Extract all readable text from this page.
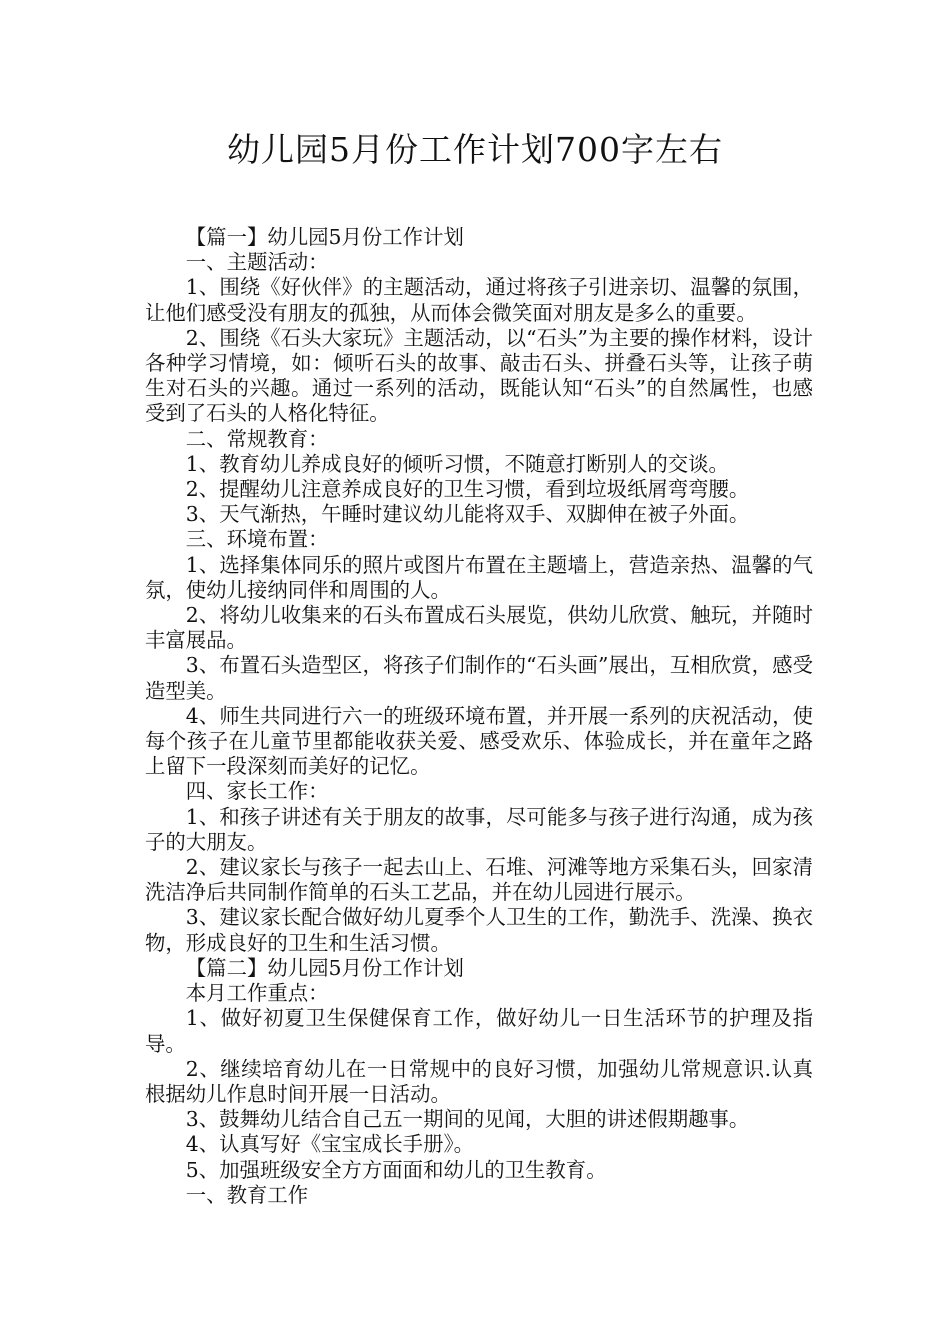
幼儿园5月份工作计划700字左右

【篇一】幼儿园5月份工作计划

一、主题活动：

1、围绕《好伙伴》的主题活动，通过将孩子引进亲切、温馨的氛围，让他们感受没有朋友的孤独，从而体会微笑面对朋友是多么的重要。

2、围绕《石头大家玩》主题活动，以“石头”为主要的操作材料，设计各种学习情境，如：倾听石头的故事、敲击石头、拼叠石头等，让孩子萌生对石头的兴趣。通过一系列的活动，既能认知“石头”的自然属性，也感受到了石头的人格化特征。

二、常规教育：

1、教育幼儿养成良好的倾听习惯，不随意打断别人的交谈。

2、提醒幼儿注意养成良好的卫生习惯，看到垃圾纸屑弯弯腰。

3、天气渐热，午睡时建议幼儿能将双手、双脚伸在被子外面。

三、环境布置：

1、选择集体同乐的照片或图片布置在主题墙上，营造亲热、温馨的气氛，使幼儿接纳同伴和周围的人。

2、将幼儿收集来的石头布置成石头展览，供幼儿欣赏、触玩，并随时丰富展品。

3、布置石头造型区，将孩子们制作的“石头画”展出，互相欣赏，感受造型美。

4、师生共同进行六一的班级环境布置，并开展一系列的庆祝活动，使每个孩子在儿童节里都能收获关爱、感受欢乐、体验成长，并在童年之路上留下一段深刻而美好的记忆。

四、家长工作：

1、和孩子讲述有关于朋友的故事，尽可能多与孩子进行沟通，成为孩子的大朋友。

2、建议家长与孩子一起去山上、石堆、河滩等地方采集石头，回家清洗洁净后共同制作简单的石头工艺品，并在幼儿园进行展示。

3、建议家长配合做好幼儿夏季个人卫生的工作，勤洗手、洗澡、换衣物，形成良好的卫生和生活习惯。

【篇二】幼儿园5月份工作计划

本月工作重点：

1、做好初夏卫生保健保育工作，做好幼儿一日生活环节的护理及指导。

2、继续培育幼儿在一日常规中的良好习惯，加强幼儿常规意识.认真根据幼儿作息时间开展一日活动。

3、鼓舞幼儿结合自己五一期间的见闻，大胆的讲述假期趣事。

4、认真写好《宝宝成长手册》。

5、加强班级安全方方面面和幼儿的卫生教育。

一、教育工作
